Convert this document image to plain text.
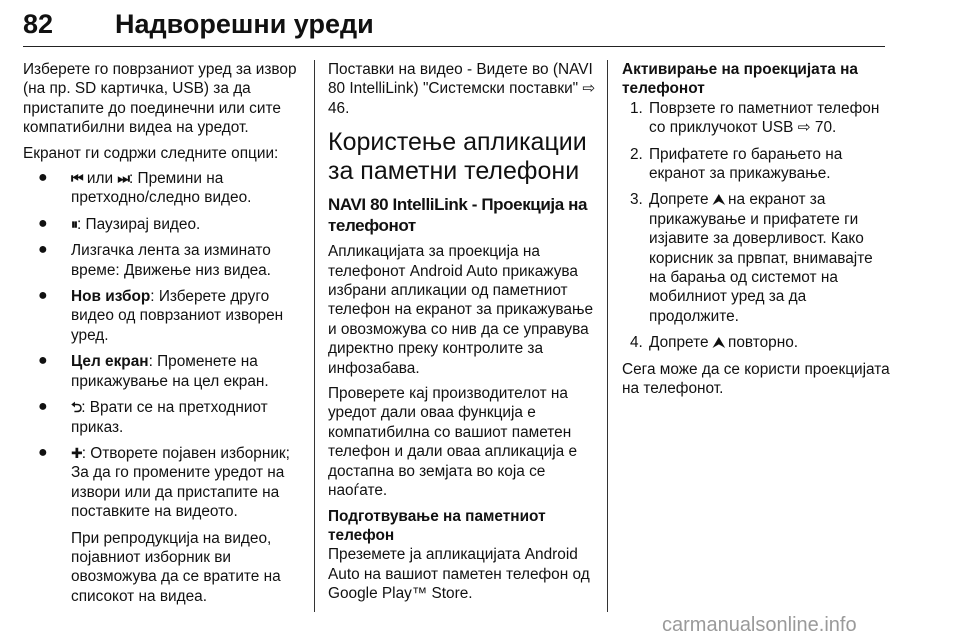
82 Надворешни уреди

Изберете го поврзаниот уред за извор (на пр. SD картичка, USB) за да пристапите до поединечни или сите компатибилни видеа на уредот.

Екранот ги содржи следните опции:

● ⏮ или ⏭: Премини на претходно/следно видео.
● ⏸: Паузирај видео.
● Лизгачка лента за изминато време: Движење низ видеа.
● Нов избор: Изберете друго видео од поврзаниот изворен уред.
● Цел екран: Променете на прикажување на цел екран.
● ⮌: Врати се на претходниот приказ.
● ✚: Отворете појавен изборник; За да го промените уредот на извори или да пристапите на поставките на видеото.
При репродукција на видео, појавниот изборник ви овозможува да се вратите на списокот на видеа.

Поставки на видео - Видете во (NAVI 80 IntelliLink) "Системски поставки" ⇨ 46.

Користење апликации за паметни телефони
NAVI 80 IntelliLink - Проекција на телефонот

Апликацијата за проекција на телефонот Android Auto прикажува избрани апликации од паметниот телефон на екранот за прикажување и овозможува со нив да се управува директно преку контролите за инфозабава.

Проверете кај производителот на уредот дали оваа функција е компатибилна со вашиот паметен телефон и дали оваа апликација е достапна во земјата во која се наоѓате.

Подготвување на паметниот телефон

Преземете ја апликацијата Android Auto на вашиот паметен телефон од Google Play™ Store.

Активирање на проекцијата на телефонот
1. Поврзете го паметниот телефон со приклучокот USB ⇨ 70.
2. Прифатете го барањето на екранот за прикажување.
3. Допрете ⮝ на екранот за прикажување и прифатете ги изјавите за доверливост. Како корисник за првпат, внимавајте на барања од системот на мобилниот уред за да продолжите.
4. Допрете ⮝ повторно.

Сега може да се користи проекцијата на телефонот.

carmanualsonline.info
